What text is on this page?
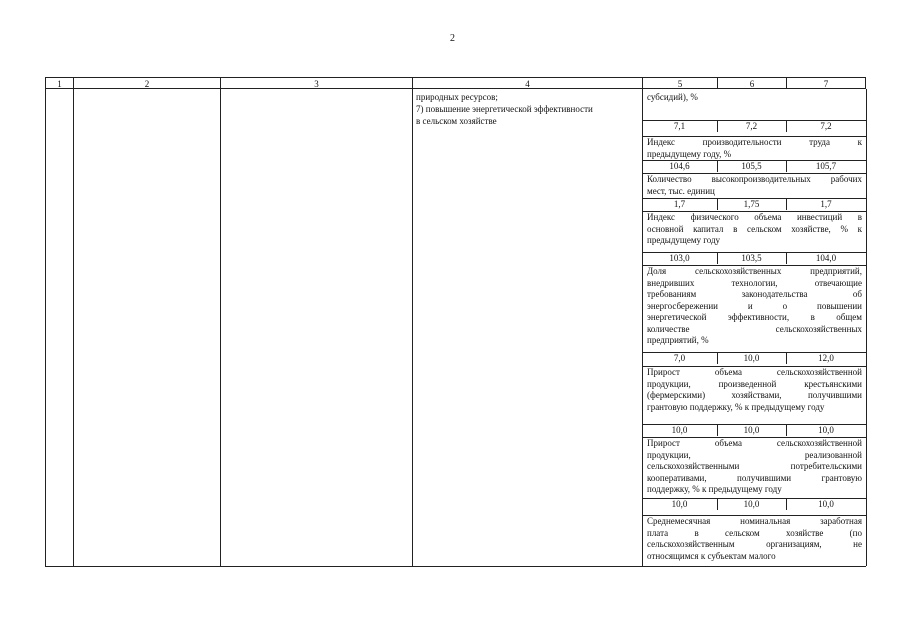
2
1	2	3	4	5	6	7
природных ресурсов;
7) повышение энергетической эффективности
в сельском хозяйстве
субсидий), %
7,1	7,2	7,2
Индекс производительности труда к
предыдущему году, %
104,6	105,5	105,7
Количество высокопроизводительных рабочих
мест, тыс. единиц
1,7	1,75	1,7
Индекс физического объема инвестиций в
основной капитал в сельском хозяйстве, % к
предыдущему году
103,0	103,5	104,0
Доля сельскохозяйственных предприятий,
внедривших технологии, отвечающие
требованиям законодательства об
энергосбережении и о повышении
энергетической эффективности, в общем
количестве сельскохозяйственных
предприятий, %
7,0	10,0	12,0
Прирост объема сельскохозяйственной
продукции, произведенной крестьянскими
(фермерскими) хозяйствами, получившими
грантовую поддержку, % к предыдущему году
10,0	10,0	10,0
Прирост объема сельскохозяйственной
продукции, реализованной
сельскохозяйственными потребительскими
кооперативами, получившими грантовую
поддержку, % к предыдущему году
10,0	10,0	10,0
Среднемесячная номинальная заработная
плата в сельском хозяйстве (по
сельскохозяйственным организациям, не
относящимся к субъектам малого
